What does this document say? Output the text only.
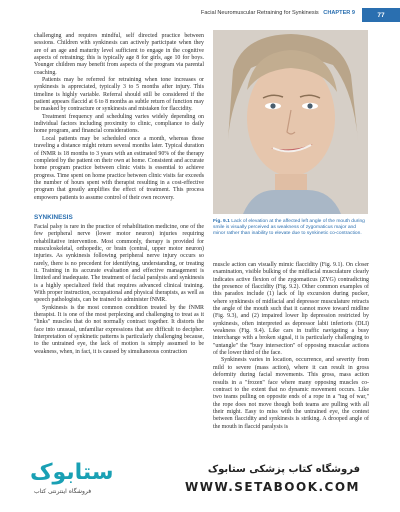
Facial Neuromuscular Retraining for Synkinesis CHAPTER 9	77

challenging and requires mindful, self directed practice between sessions. Children with synkinesis can actively participate when they are of an age and maturity level sufficient to engage in the cognitive aspects of retraining; this is typically age 8 for girls, age 10 for boys. Younger children may benefit from aspects of the program via parental coaching.

Patients may be referred for retraining when tone increases or synkinesis is appreciated, typically 3 to 5 months after injury. This timeline is highly variable. Referral should still be considered if the patient appears flaccid at 6 to 8 months as subtle return of function may be masked by contracture or synkinesis and mistaken for flaccidity.

Treatment frequency and scheduling varies widely depending on individual factors including proximity to clinic, compliance to daily home program, and financial considerations.

Local patients may be scheduled once a month, whereas those traveling a distance might return several months later. Typical duration of fNMR is 18 months to 3 years with an estimated 90% of the therapy completed by the patient on their own at home. Consistent and accurate home program practice between clinic visits is essential to achieve progress. Time spent on home practice between clinic visits far exceeds the number of hours spent with therapist resulting in a cost-effective program that greatly amplifies the effect of treatment. This process empowers patients to assume control of their own recovery.

SYNKINESIS

Facial palsy is rare in the practice of rehabilitation medicine, one of the few peripheral nerve (lower motor neuron) injuries requiring rehabilitative intervention. Most commonly, therapy is provided for musculoskeletal, orthopedic, or brain (central, upper motor neuron) injuries. As synkinesis following peripheral nerve injury occurs so rarely, there is no precedent for identifying, understanding, or treating it. Training in its accurate evaluation and effective management is limited and inadequate. The treatment of facial paralysis and synkinesis is a highly specialized field that requires advanced clinical training. With proper instruction, occupational and physical therapists, as well as speech pathologists, can be trained to administer fNMR.

Synkinesis is the most common condition treated by the fNMR therapist. It is one of the most perplexing and challenging to treat as it "links" muscles that do not normally contract together. It distorts the face into unusual, unfamiliar expressions that are difficult to decipher. Interpretation of synkinetic patterns is particularly challenging because, to the untrained eye, the lack of motion is simply assumed to be weakness, when, in fact, it is caused by simultaneous contraction

Fig. 9.1 Lack of elevation at the affected left angle of the mouth during smile is visually perceived as weakness of zygomaticus major and minor rather than inability to elevate due to synkinetic co-contraction.

muscle action can visually mimic flaccidity (Fig. 9.1). On closer examination, visible bulking of the midfacial musculature clearly indicates active flexion of the zygomaticus (ZYG) contradicting the presence of flaccidity (Fig. 9.2). Other common examples of this paradox include (1) lack of lip excursion during pucker, where synkinesis of midfacial and depressor musculature retracts the angle of the mouth such that it cannot move toward midline (Fig. 9.3), and (2) impaired lower lip depression restricted by synkinesis, often interpreted as depressor labii inferioris (DLI) weakness (Fig. 9.4). Like cars in traffic navigating a busy interchange with a broken signal, it is particularly challenging to "untangle" the "busy intersection" of opposing muscular actions of the lower third of the face.

Synkinesis varies in location, occurrence, and severity from mild to severe (mass action), where it can result in gross deformity during facial movements. This gross, mass action results in a "frozen" face where many opposing muscles co-contract to the extent that no dynamic movement occurs. Like two teams pulling on opposite ends of a rope in a "tug of war," the rope does not move though both teams are pulling with all their might. Easy to miss with the untrained eye, the contest between flaccidity and synkinesis is striking. A drooped angle of the mouth in flaccid paralysis is

ستابوک
فروشگاه اینترنتی کتاب
فروشگاه کتاب پزشکی ستابوک
WWW.SETABOOK.COM
